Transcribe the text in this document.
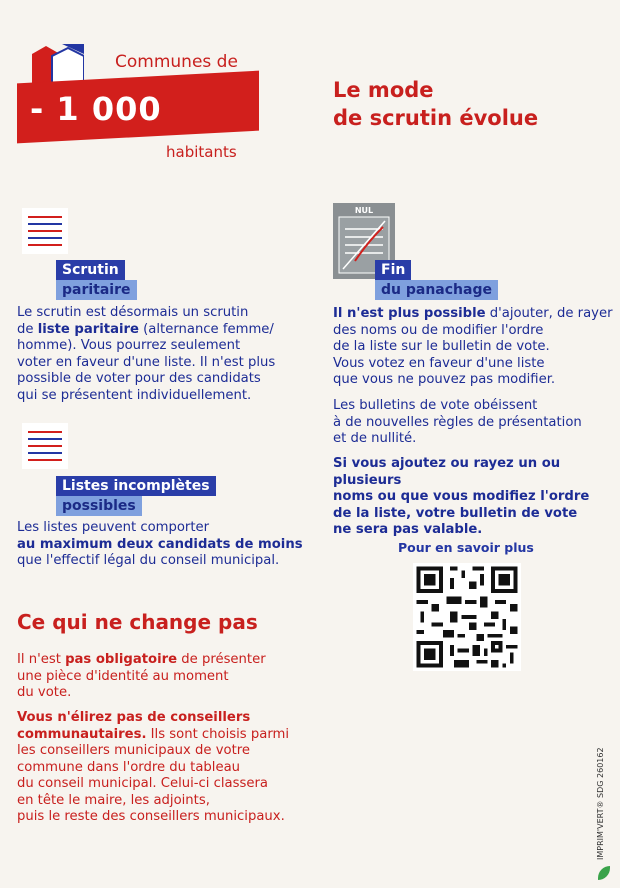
Communes de
- 1 000
habitants
Le mode
de scrutin évolue
Scrutin
paritaire
Le scrutin est désormais un scrutin
de liste paritaire (alternance femme/
homme). Vous pourrez seulement
voter en faveur d'une liste. Il n'est plus
possible de voter pour des candidats
qui se présentent individuellement.
Listes incomplètes
possibles
Les listes peuvent comporter
au maximum deux candidats de moins
que l'effectif légal du conseil municipal.
NUL
Fin
du panachage
Il n'est plus possible d'ajouter, de rayer
des noms ou de modifier l'ordre
de la liste sur le bulletin de vote.
Vous votez en faveur d'une liste
que vous ne pouvez pas modifier.
Les bulletins de vote obéissent
à de nouvelles règles de présentation
et de nullité.
Si vous ajoutez ou rayez un ou plusieurs
noms ou que vous modifiez l'ordre
de la liste, votre bulletin de vote
ne sera pas valable.
Pour en savoir plus
Ce qui ne change pas
Il n'est pas obligatoire de présenter
une pièce d'identité au moment
du vote.
Vous n'élirez pas de conseillers
communautaires. Ils sont choisis parmi
les conseillers municipaux de votre
commune dans l'ordre du tableau
du conseil municipal. Celui-ci classera
en tête le maire, les adjoints,
puis le reste des conseillers municipaux.	IMPRIM'VERT® SDG 260162
